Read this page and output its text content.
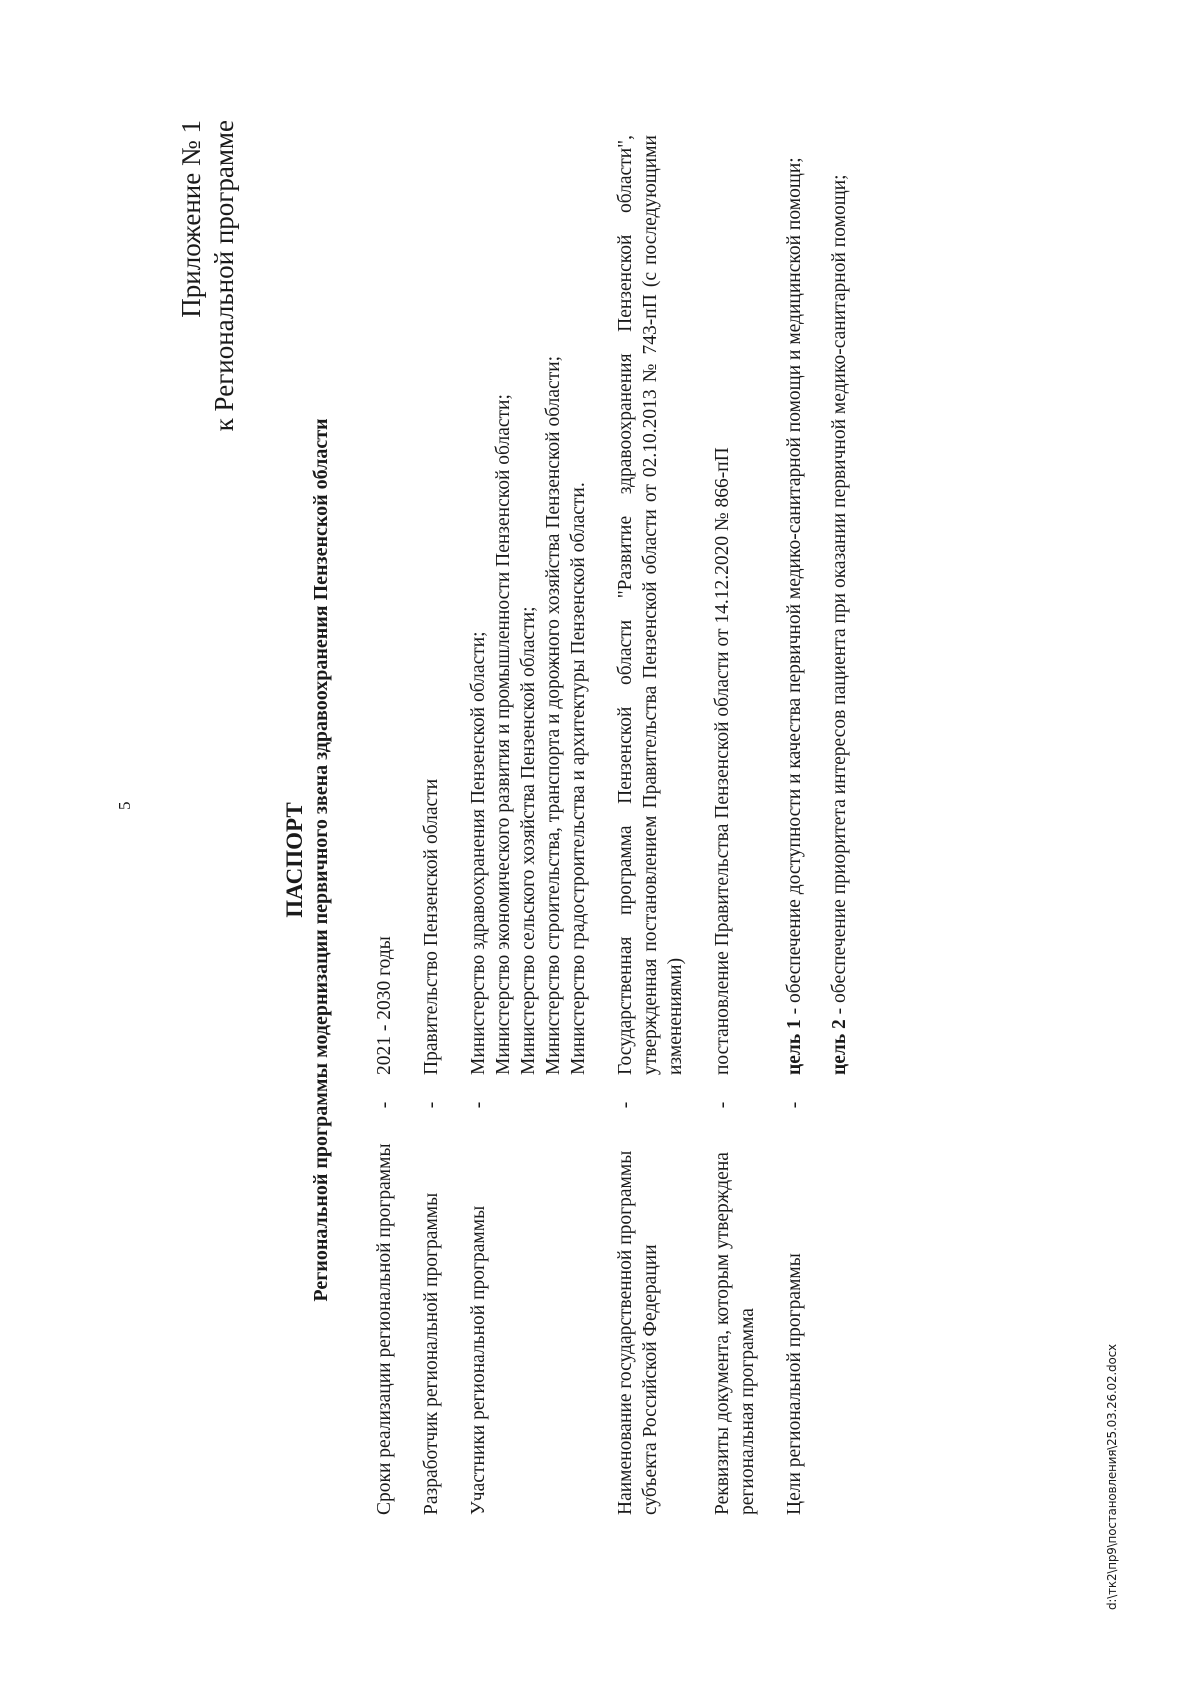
5
Приложение № 1 к Региональной программе
ПАСПОРТ Региональной программы модернизации первичного звена здравоохранения Пензенской области
Сроки реализации региональной программы	-	2021 - 2030 годы

Разработчик региональной программы	-	Правительство Пензенской области

Участники региональной программы	-	Министерство здравоохранения Пензенской области; Министерство экономического развития и промышленности Пензенской области; Министерство сельского хозяйства Пензенской области; Министерство строительства, транспорта и дорожного хозяйства Пензенской области; Министерство градостроительства и архитектуры Пензенской области.

Наименование государственной программы субъекта Российской Федерации	-	Государственная программа Пензенской области "Развитие здравоохранения Пензенской области", утвержденная постановлением Правительства Пензенской области от 02.10.2013 № 743-пП (с последующими изменениями)

Реквизиты документа, которым утверждена региональная программа	-	постановление Правительства Пензенской области от 14.12.2020 № 866-пП

Цели региональной программы	-	цель 1 - обеспечение доступности и качества первичной медико-санитарной помощи и медицинской помощи;
цель 2 - обеспечение приоритета интересов пациента при оказании первичной медико-санитарной помощи;
d:\тк2\пр9\постановления\25.03.26.02.docx
